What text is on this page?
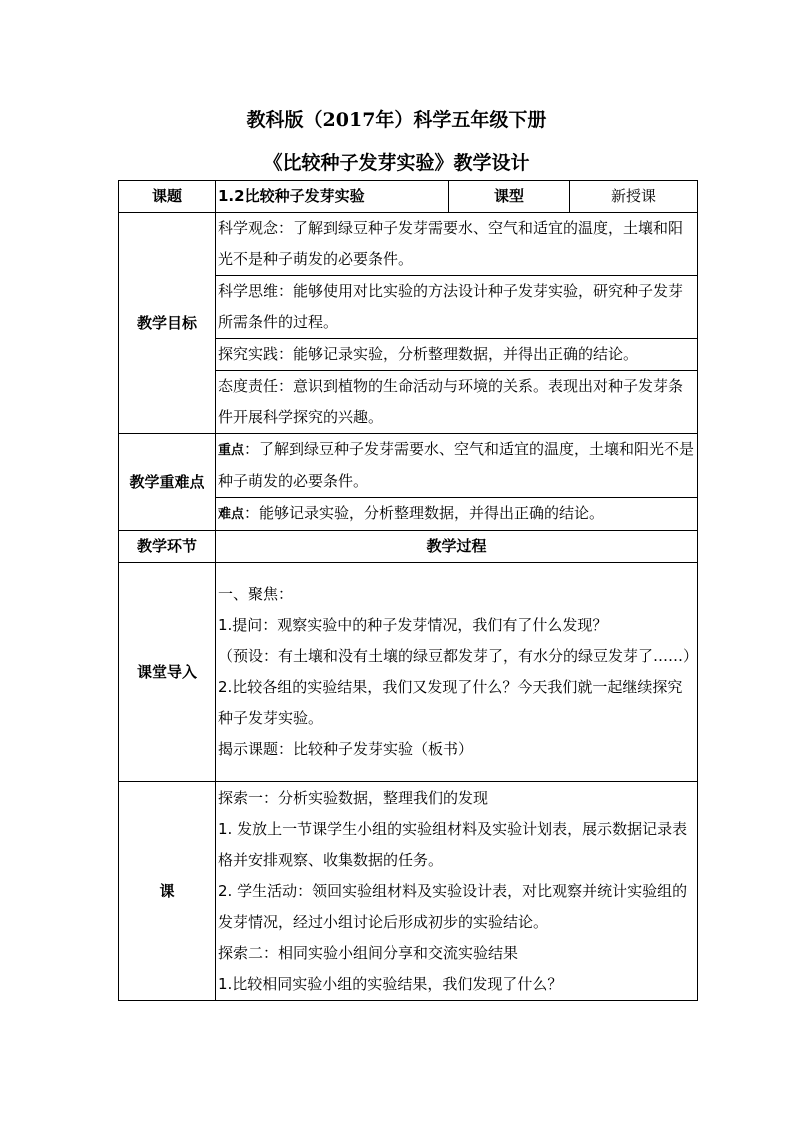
教科版（2017年）科学五年级下册
《比较种子发芽实验》教学设计
课题	1.2比较种子发芽实验	课型	新授课
教学目标	科学观念：了解到绿豆种子发芽需要水、空气和适宜的温度，土壤和阳光不是种子萌发的必要条件。		
	科学思维：能够使用对比实验的方法设计种子发芽实验，研究种子发芽所需条件的过程。		
	探究实践：能够记录实验，分析整理数据，并得出正确的结论。		
	态度责任：意识到植物的生命活动与环境的关系。表现出对种子发芽条件开展科学探究的兴趣。		
教学重难点	重点：了解到绿豆种子发芽需要水、空气和适宜的温度，土壤和阳光不是种子萌发的必要条件。		
	难点：能够记录实验，分析整理数据，并得出正确的结论。		
教学环节	教学过程		
课堂导入	一、聚焦：

1.提问：观察实验中的种子发芽情况，我们有了什么发现？

（预设：有土壤和没有土壤的绿豆都发芽了，有水分的绿豆发芽了……）

2.比较各组的实验结果，我们又发现了什么？今天我们就一起继续探究种子发芽实验。

揭示课题：比较种子发芽实验（板书）		

课	探索一：分析实验数据，整理我们的发现

1. 发放上一节课学生小组的实验组材料及实验计划表，展示数据记录表格并安排观察、收集数据的任务。

2. 学生活动：领回实验组材料及实验设计表，对比观察并统计实验组的发芽情况，经过小组讨论后形成初步的实验结论。

探索二：相同实验小组间分享和交流实验结果

1.比较相同实验小组的实验结果，我们发现了什么？		
